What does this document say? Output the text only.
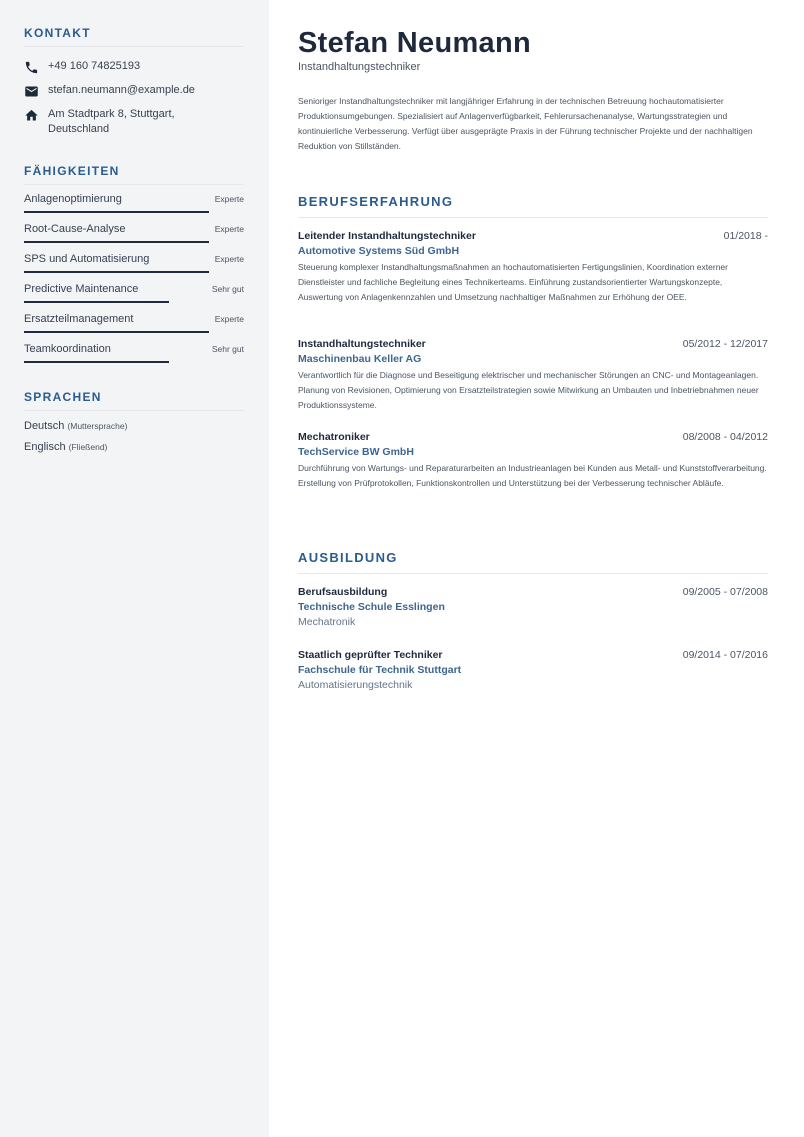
KONTAKT
+49 160 74825193
stefan.neumann@example.de
Am Stadtpark 8, Stuttgart,
Deutschland
FÄHIGKEITEN
Anlagenoptimierung	Experte
Root-Cause-Analyse	Experte
SPS und Automatisierung	Experte
Predictive Maintenance	Sehr gut
Ersatzteilmanagement	Experte
Teamkoordination	Sehr gut
SPRACHEN
Deutsch (Muttersprache)
Englisch (Fließend)
Stefan Neumann
Instandhaltungstechniker
Senioriger Instandhaltungstechniker mit langjähriger Erfahrung in der technischen Betreuung hochautomatisierter Produktionsumgebungen. Spezialisiert auf Anlagenverfügbarkeit, Fehlerursachenanalyse, Wartungsstrategien und kontinuierliche Verbesserung. Verfügt über ausgeprägte Praxis in der Führung technischer Projekte und der nachhaltigen Reduktion von Stillständen.
BERUFSERFAHRUNG
Leitender Instandhaltungstechniker	01/2018 -
Automotive Systems Süd GmbH
Steuerung komplexer Instandhaltungsmaßnahmen an hochautomatisierten Fertigungslinien, Koordination externer Dienstleister und fachliche Begleitung eines Technikerteams. Einführung zustandsorientierter Wartungskonzepte, Auswertung von Anlagenkennzahlen und Umsetzung nachhaltiger Maßnahmen zur Erhöhung der OEE.
Instandhaltungstechniker	05/2012 - 12/2017
Maschinenbau Keller AG
Verantwortlich für die Diagnose und Beseitigung elektrischer und mechanischer Störungen an CNC- und Montageanlagen. Planung von Revisionen, Optimierung von Ersatzteilstrategien sowie Mitwirkung an Umbauten und Inbetriebnahmen neuer Produktionssysteme.
Mechatroniker	08/2008 - 04/2012
TechService BW GmbH
Durchführung von Wartungs- und Reparaturarbeiten an Industrieanlagen bei Kunden aus Metall- und Kunststoffverarbeitung. Erstellung von Prüfprotokollen, Funktionskontrollen und Unterstützung bei der Verbesserung technischer Abläufe.
AUSBILDUNG
Berufsausbildung	09/2005 - 07/2008
Technische Schule Esslingen
Mechatronik
Staatlich geprüfter Techniker	09/2014 - 07/2016
Fachschule für Technik Stuttgart
Automatisierungstechnik
